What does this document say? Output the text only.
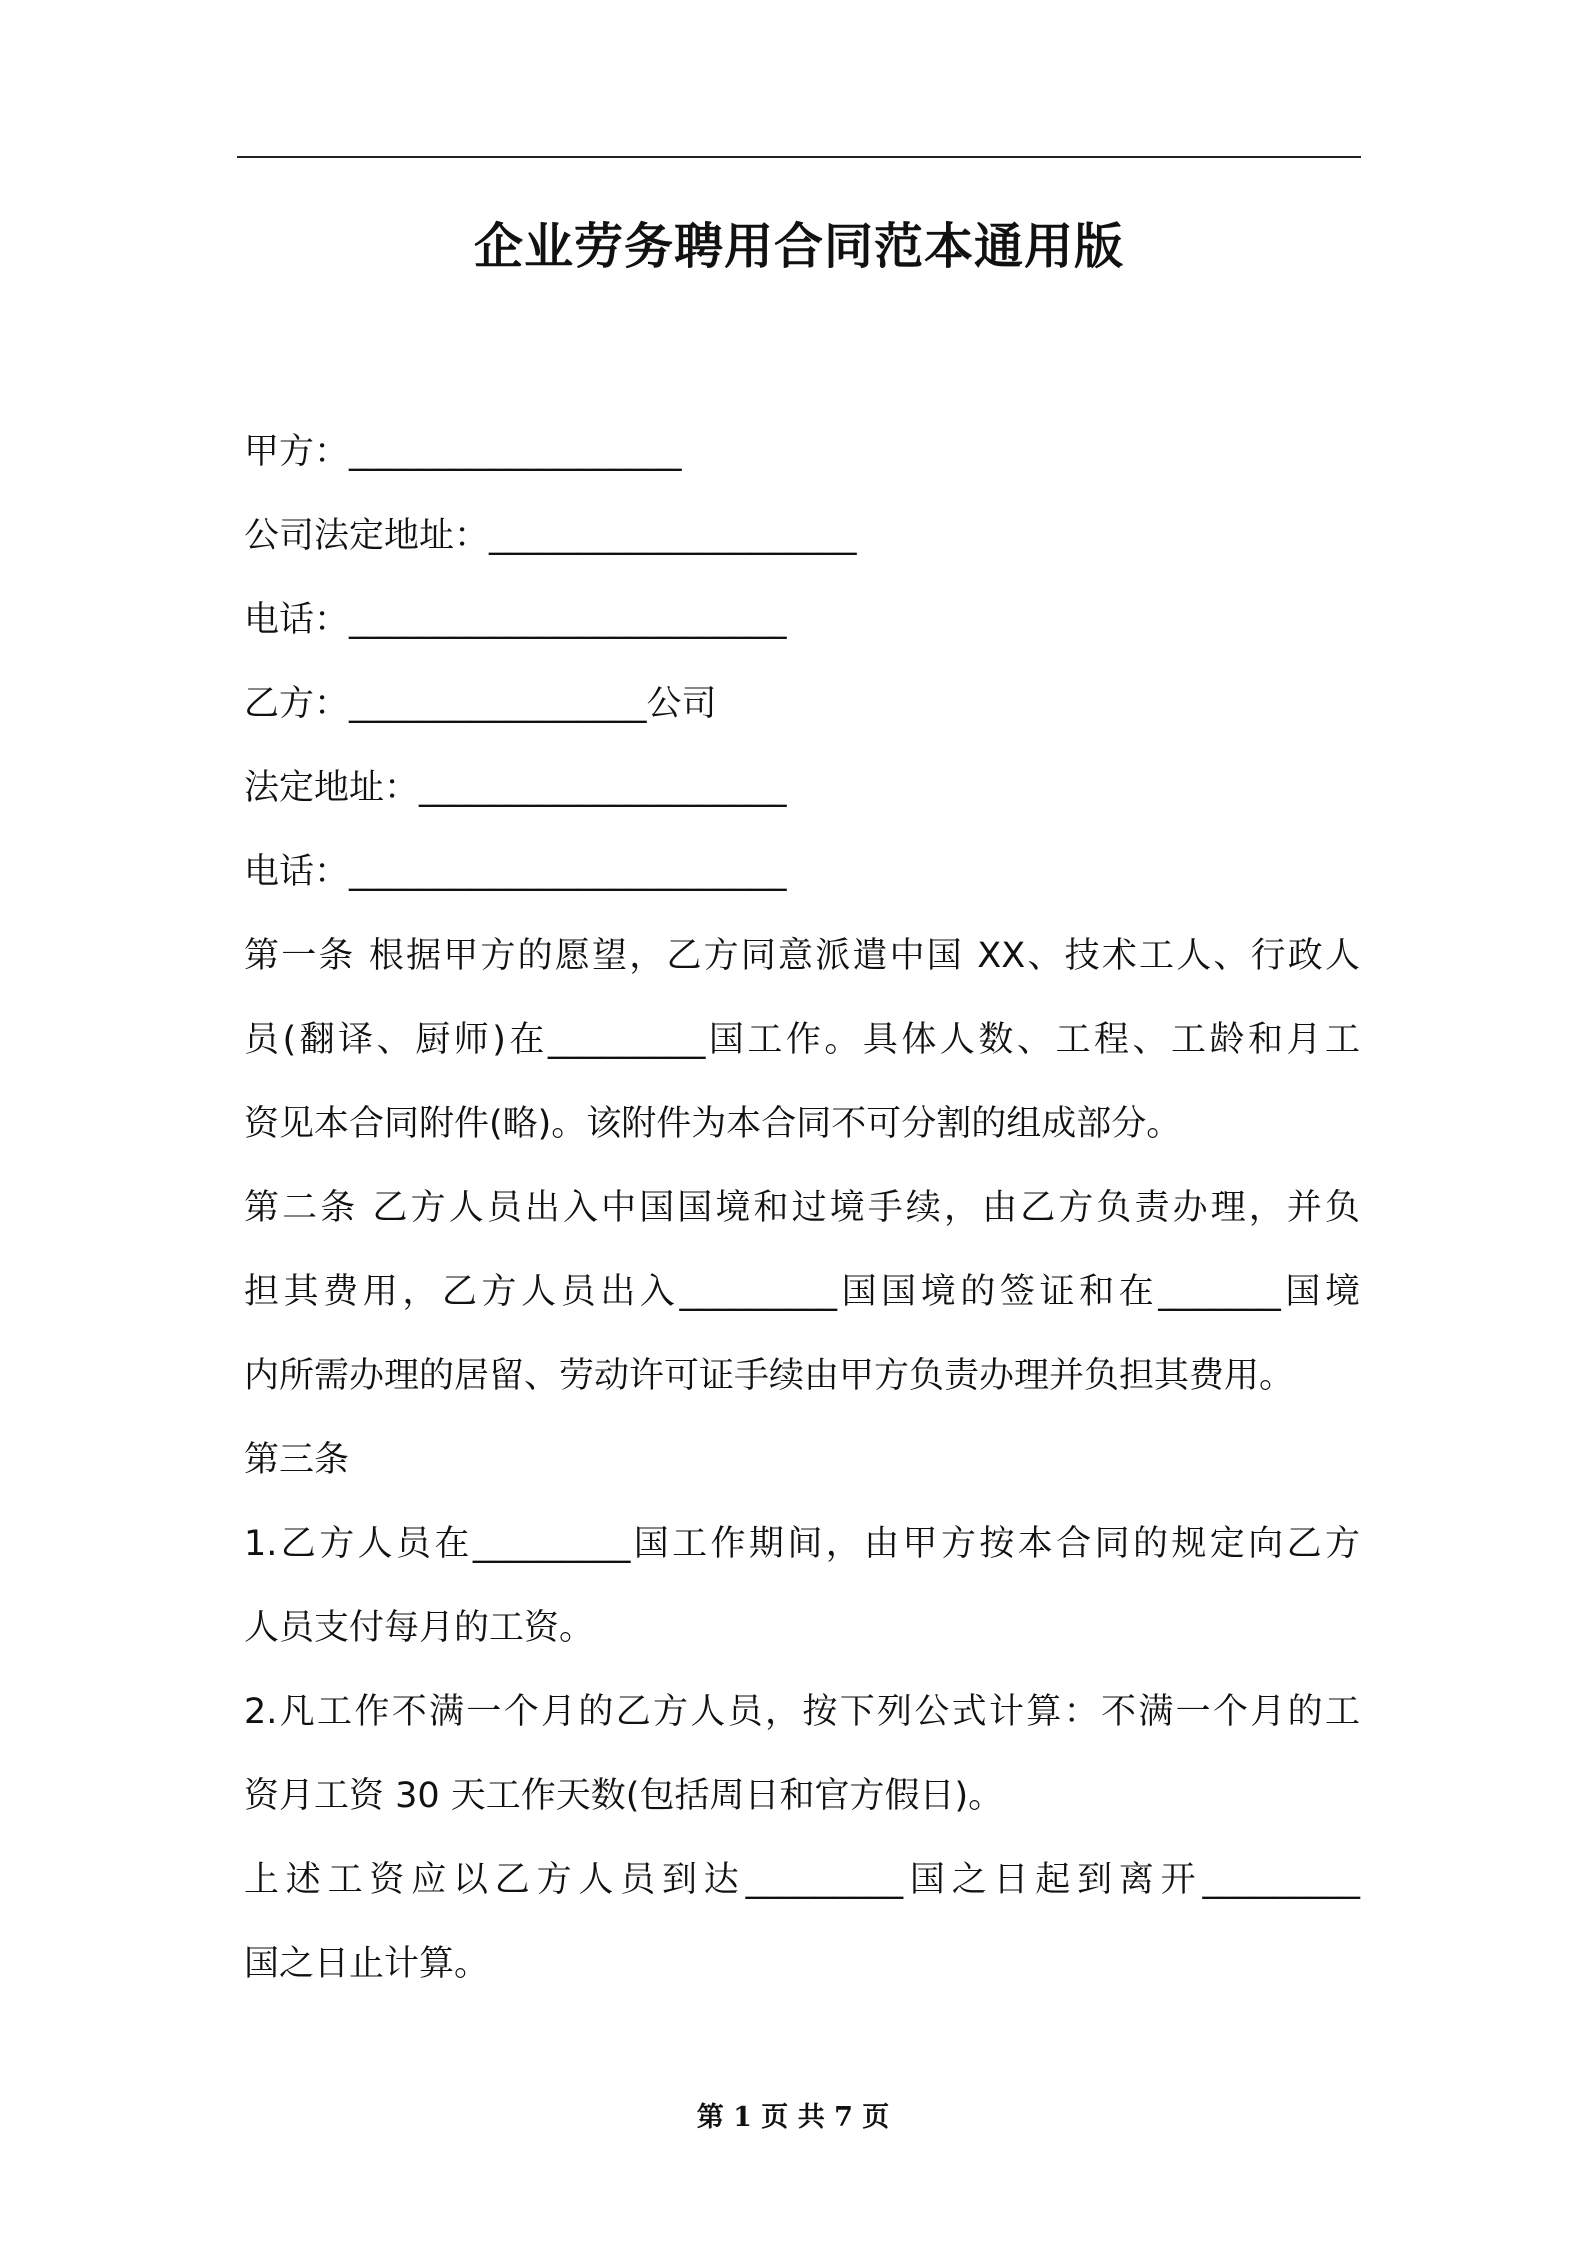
企业劳务聘用合同范本通用版
甲方：___________________
公司法定地址：_____________________
电话：_________________________
乙方：_________________公司
法定地址：_____________________
电话：_________________________
第一条 根据甲方的愿望，乙方同意派遣中国 XX、技术工人、行政人
员(翻译、厨师)在_________国工作。具体人数、工程、工龄和月工
资见本合同附件(略)。该附件为本合同不可分割的组成部分。
第二条 乙方人员出入中国国境和过境手续，由乙方负责办理，并负
担其费用，乙方人员出入_________国国境的签证和在_______国境
内所需办理的居留、劳动许可证手续由甲方负责办理并负担其费用。
第三条
1.乙方人员在_________国工作期间，由甲方按本合同的规定向乙方
人员支付每月的工资。
2.凡工作不满一个月的乙方人员，按下列公式计算：不满一个月的工
资月工资 30 天工作天数(包括周日和官方假日)。
上述工资应以乙方人员到达_________国之日起到离开_________
国之日止计算。
第 1 页 共 7 页
